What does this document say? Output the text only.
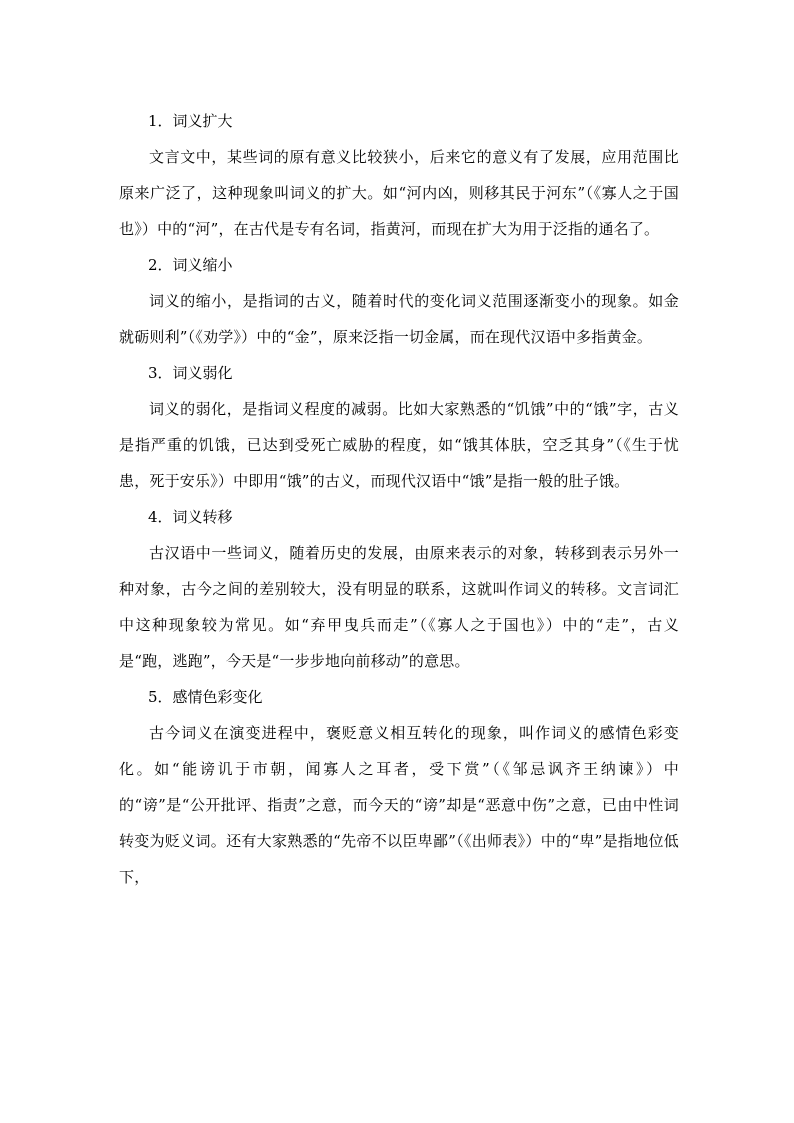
1．词义扩大

文言文中，某些词的原有意义比较狭小，后来它的意义有了发展，应用范围比原来广泛了，这种现象叫词义的扩大。如“河内凶，则移其民于河东”（《寡人之于国也》）中的“河”，在古代是专有名词，指黄河，而现在扩大为用于泛指的通名了。

2．词义缩小

词义的缩小，是指词的古义，随着时代的变化词义范围逐渐变小的现象。如金就砺则利”（《劝学》）中的“金”，原来泛指一切金属，而在现代汉语中多指黄金。

3．词义弱化

词义的弱化，是指词义程度的减弱。比如大家熟悉的“饥饿”中的“饿”字，古义是指严重的饥饿，已达到受死亡威胁的程度，如“饿其体肤，空乏其身”（《生于忧患，死于安乐》）中即用“饿”的古义，而现代汉语中“饿”是指一般的肚子饿。

4．词义转移

古汉语中一些词义，随着历史的发展，由原来表示的对象，转移到表示另外一种对象，古今之间的差别较大，没有明显的联系，这就叫作词义的转移。文言词汇中这种现象较为常见。如“弃甲曳兵而走”（《寡人之于国也》）中的“走”，古义是“跑，逃跑”，今天是“一步步地向前移动”的意思。

5．感情色彩变化

古今词义在演变进程中，褒贬意义相互转化的现象，叫作词义的感情色彩变化。如“能谤讥于市朝，闻寡人之耳者，受下赏”（《邹忌讽齐王纳谏》）中的“谤”是“公开批评、指责”之意，而今天的“谤”却是“恶意中伤”之意，已由中性词转变为贬义词。还有大家熟悉的“先帝不以臣卑鄙”（《出师表》）中的“卑”是指地位低下，
